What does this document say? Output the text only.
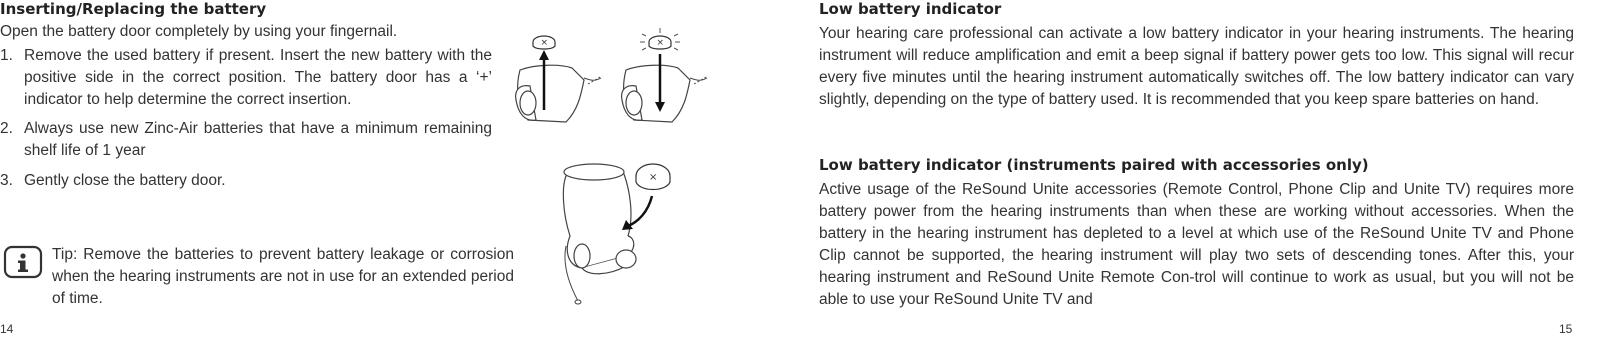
Inserting/Replacing the battery
Open the battery door completely by using your fingernail.
1. Remove the used battery if present. Insert the new battery with the positive side in the correct position. The battery door has a ‘+’ indicator to help determine the correct insertion.
2. Always use new Zinc-Air batteries that have a minimum remaining shelf life of 1 year
3. Gently close the battery door.
Tip: Remove the batteries to prevent battery leakage or corrosion when the hearing instruments are not in use for an extended period of time.
14
×	×
×
Low battery indicator
Your hearing care professional can activate a low battery indicator in your hearing instruments. The hearing instrument will reduce amplification and emit a beep signal if battery power gets too low. This signal will recur every five minutes until the hearing instrument automatically switches off. The low battery indicator can vary slightly, depending on the type of battery used. It is recommended that you keep spare batteries on hand.
Low battery indicator (instruments paired with accessories only)
Active usage of the ReSound Unite accessories (Remote Control, Phone Clip and Unite TV) requires more battery power from the hearing instruments than when these are working without accessories. When the battery in the hearing instrument has depleted to a level at which use of the ReSound Unite TV and Phone Clip cannot be supported, the hearing instrument will play two sets of descending tones. After this, your hearing instrument and ReSound Unite Remote Con-trol will continue to work as usual, but you will not be able to use your ReSound Unite TV and
15
